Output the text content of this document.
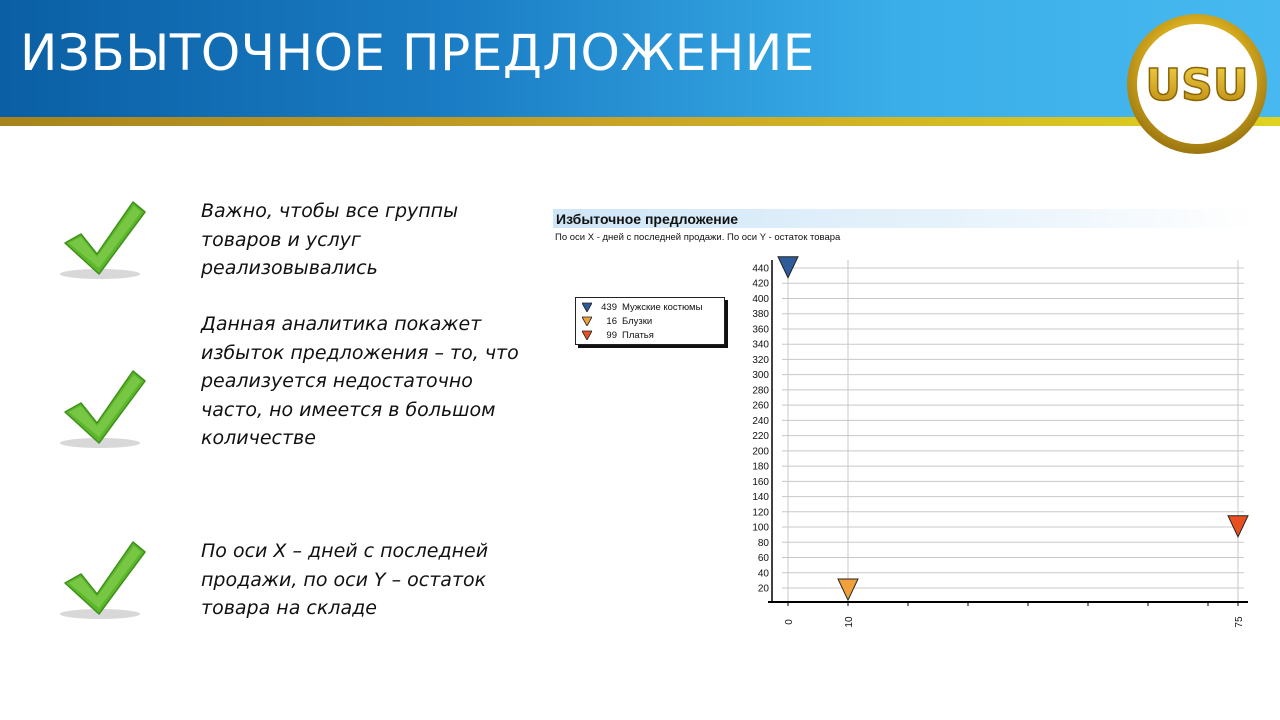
ИЗБЫТОЧНОЕ ПРЕДЛОЖЕНИЕ
USU
Важно, чтобы все группы товаров и услуг реализовывались
Данная аналитика покажет избыток предложения – то, что реализуется недостаточно часто, но имеется в большом количестве
По оси X – дней с последней продажи, по оси Y – остаток товара на складе
Избыточное предложение
По оси X - дней с последней продажи. По оси Y - остаток товара
439 Мужские костюмы
16 Блузки
99 Платья
20
40
60
80
100
120
140
160
180
200
220
240
260
280
300
320
340
360
380
400
420
440
0	10	75
